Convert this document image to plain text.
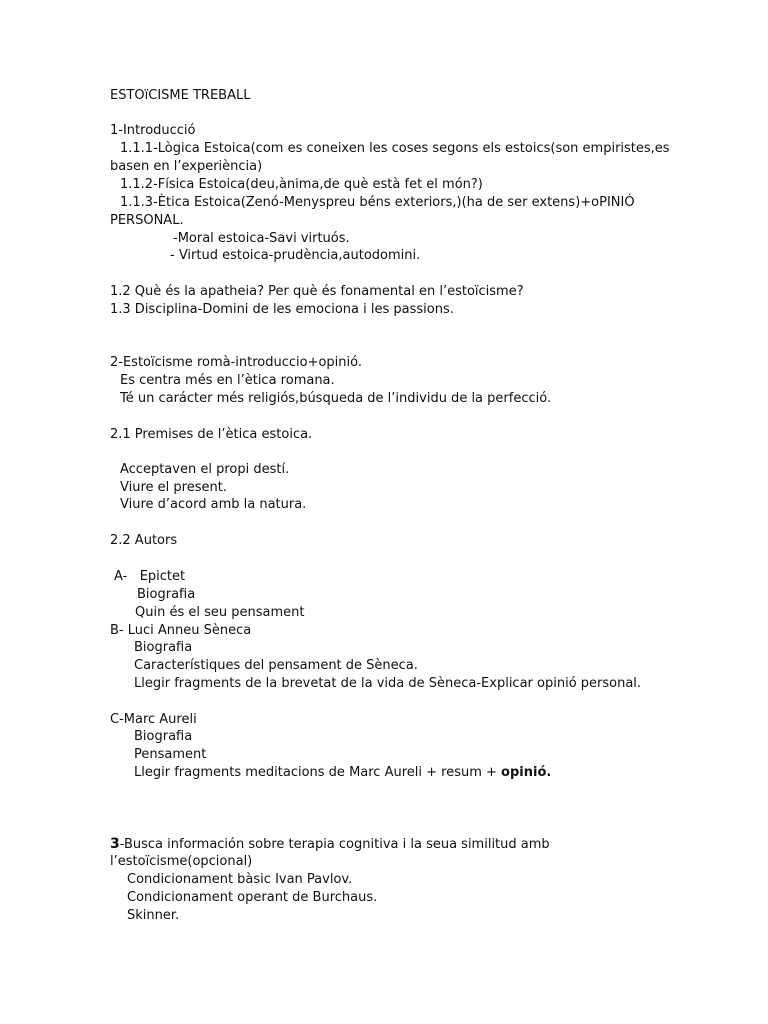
ESTOïCISME TREBALL
1-Introducció
1.1.1-Lògica Estoica(com es coneixen les coses segons els estoics(son empiristes,es
basen en l’experiència)
1.1.2-Física Estoica(deu,ànima,de què està fet el món?)
1.1.3-Ètica Estoica(Zenó-Menyspreu béns exteriors,)(ha de ser extens)+oPINIÓ
PERSONAL.
-Moral estoica-Savi virtuós.
- Virtud estoica-prudència,autodomini.
1.2 Què és la apatheia? Per què és fonamental en l’estoïcisme?
1.3 Disciplina-Domini de les emociona i les passions.
2-Estoïcisme romà-introduccio+opinió.
Es centra més en l’ètica romana.
Té un carácter més religiós,búsqueda de l’individu de la perfecció.
2.1 Premises de l’ètica estoica.
Acceptaven el propi destí.
Viure el present.
Viure d’acord amb la natura.
2.2 Autors
A-   Epictet
Biografia
Quin és el seu pensament
B- Luci Anneu Sèneca
Biografia
Característiques del pensament de Sèneca.
Llegir fragments de la brevetat de la vida de Sèneca-Explicar opinió personal.
C-Marc Aureli
Biografia
Pensament
Llegir fragments meditacions de Marc Aureli + resum + opinió.
3-Busca información sobre terapia cognitiva i la seua similitud amb
l’estoïcisme(opcional)
Condicionament bàsic Ivan Pavlov.
Condicionament operant de Burchaus.
Skinner.
